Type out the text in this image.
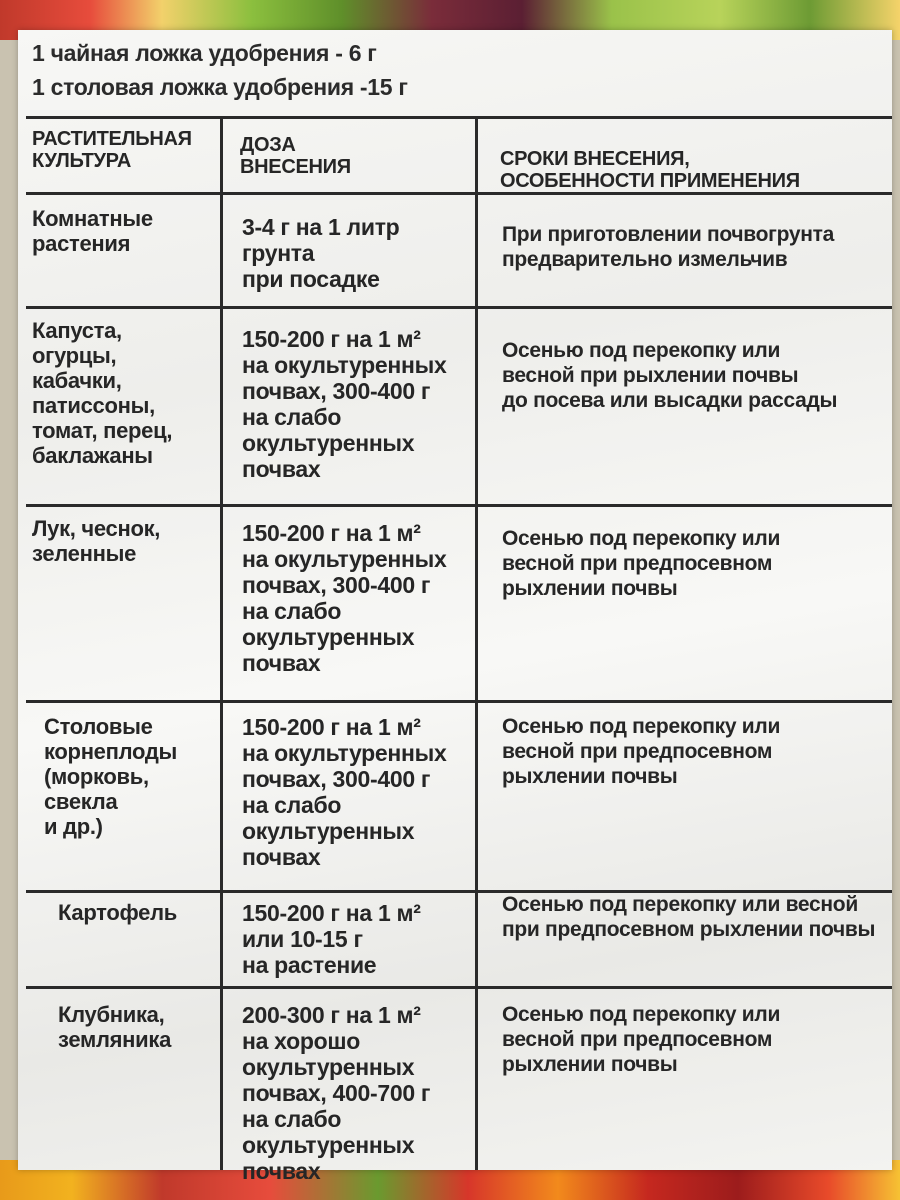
1 чайная ложка удобрения - 6 г
1 столовая ложка удобрения -15 г
РАСТИТЕЛЬНАЯ
КУЛЬТУРА
ДОЗА
ВНЕСЕНИЯ	СРОКИ ВНЕСЕНИЯ,
ОСОБЕННОСТИ ПРИМЕНЕНИЯ
Комнатные
растения
3-4 г на 1 литр
грунта
при посадке
При приготовлении почвогрунта
предварительно измельчив
Капуста,
огурцы,
кабачки,
патиссоны,
томат, перец,
баклажаны
150-200 г на 1 м²
на окультуренных
почвах, 300-400 г
на слабо
окультуренных
почвах
Осенью под перекопку или
весной при рыхлении почвы
до посева или высадки рассады
Лук, чеснок,
зеленные
150-200 г на 1 м²
на окультуренных
почвах, 300-400 г
на слабо
окультуренных
почвах
Осенью под перекопку или
весной при предпосевном
рыхлении почвы
Столовые
корнеплоды
(морковь,
свекла
и др.)
150-200 г на 1 м²
на окультуренных
почвах, 300-400 г
на слабо
окультуренных
почвах
Осенью под перекопку или
весной при предпосевном
рыхлении почвы
Картофель	150-200 г на 1 м²
или 10-15 г
на растение
Осенью под перекопку или весной
при предпосевном рыхлении почвы
Клубника,
земляника
200-300 г на 1 м²
на хорошо
окультуренных
почвах, 400-700 г
на слабо
окультуренных
почвах
Осенью под перекопку или
весной при предпосевном
рыхлении почвы
